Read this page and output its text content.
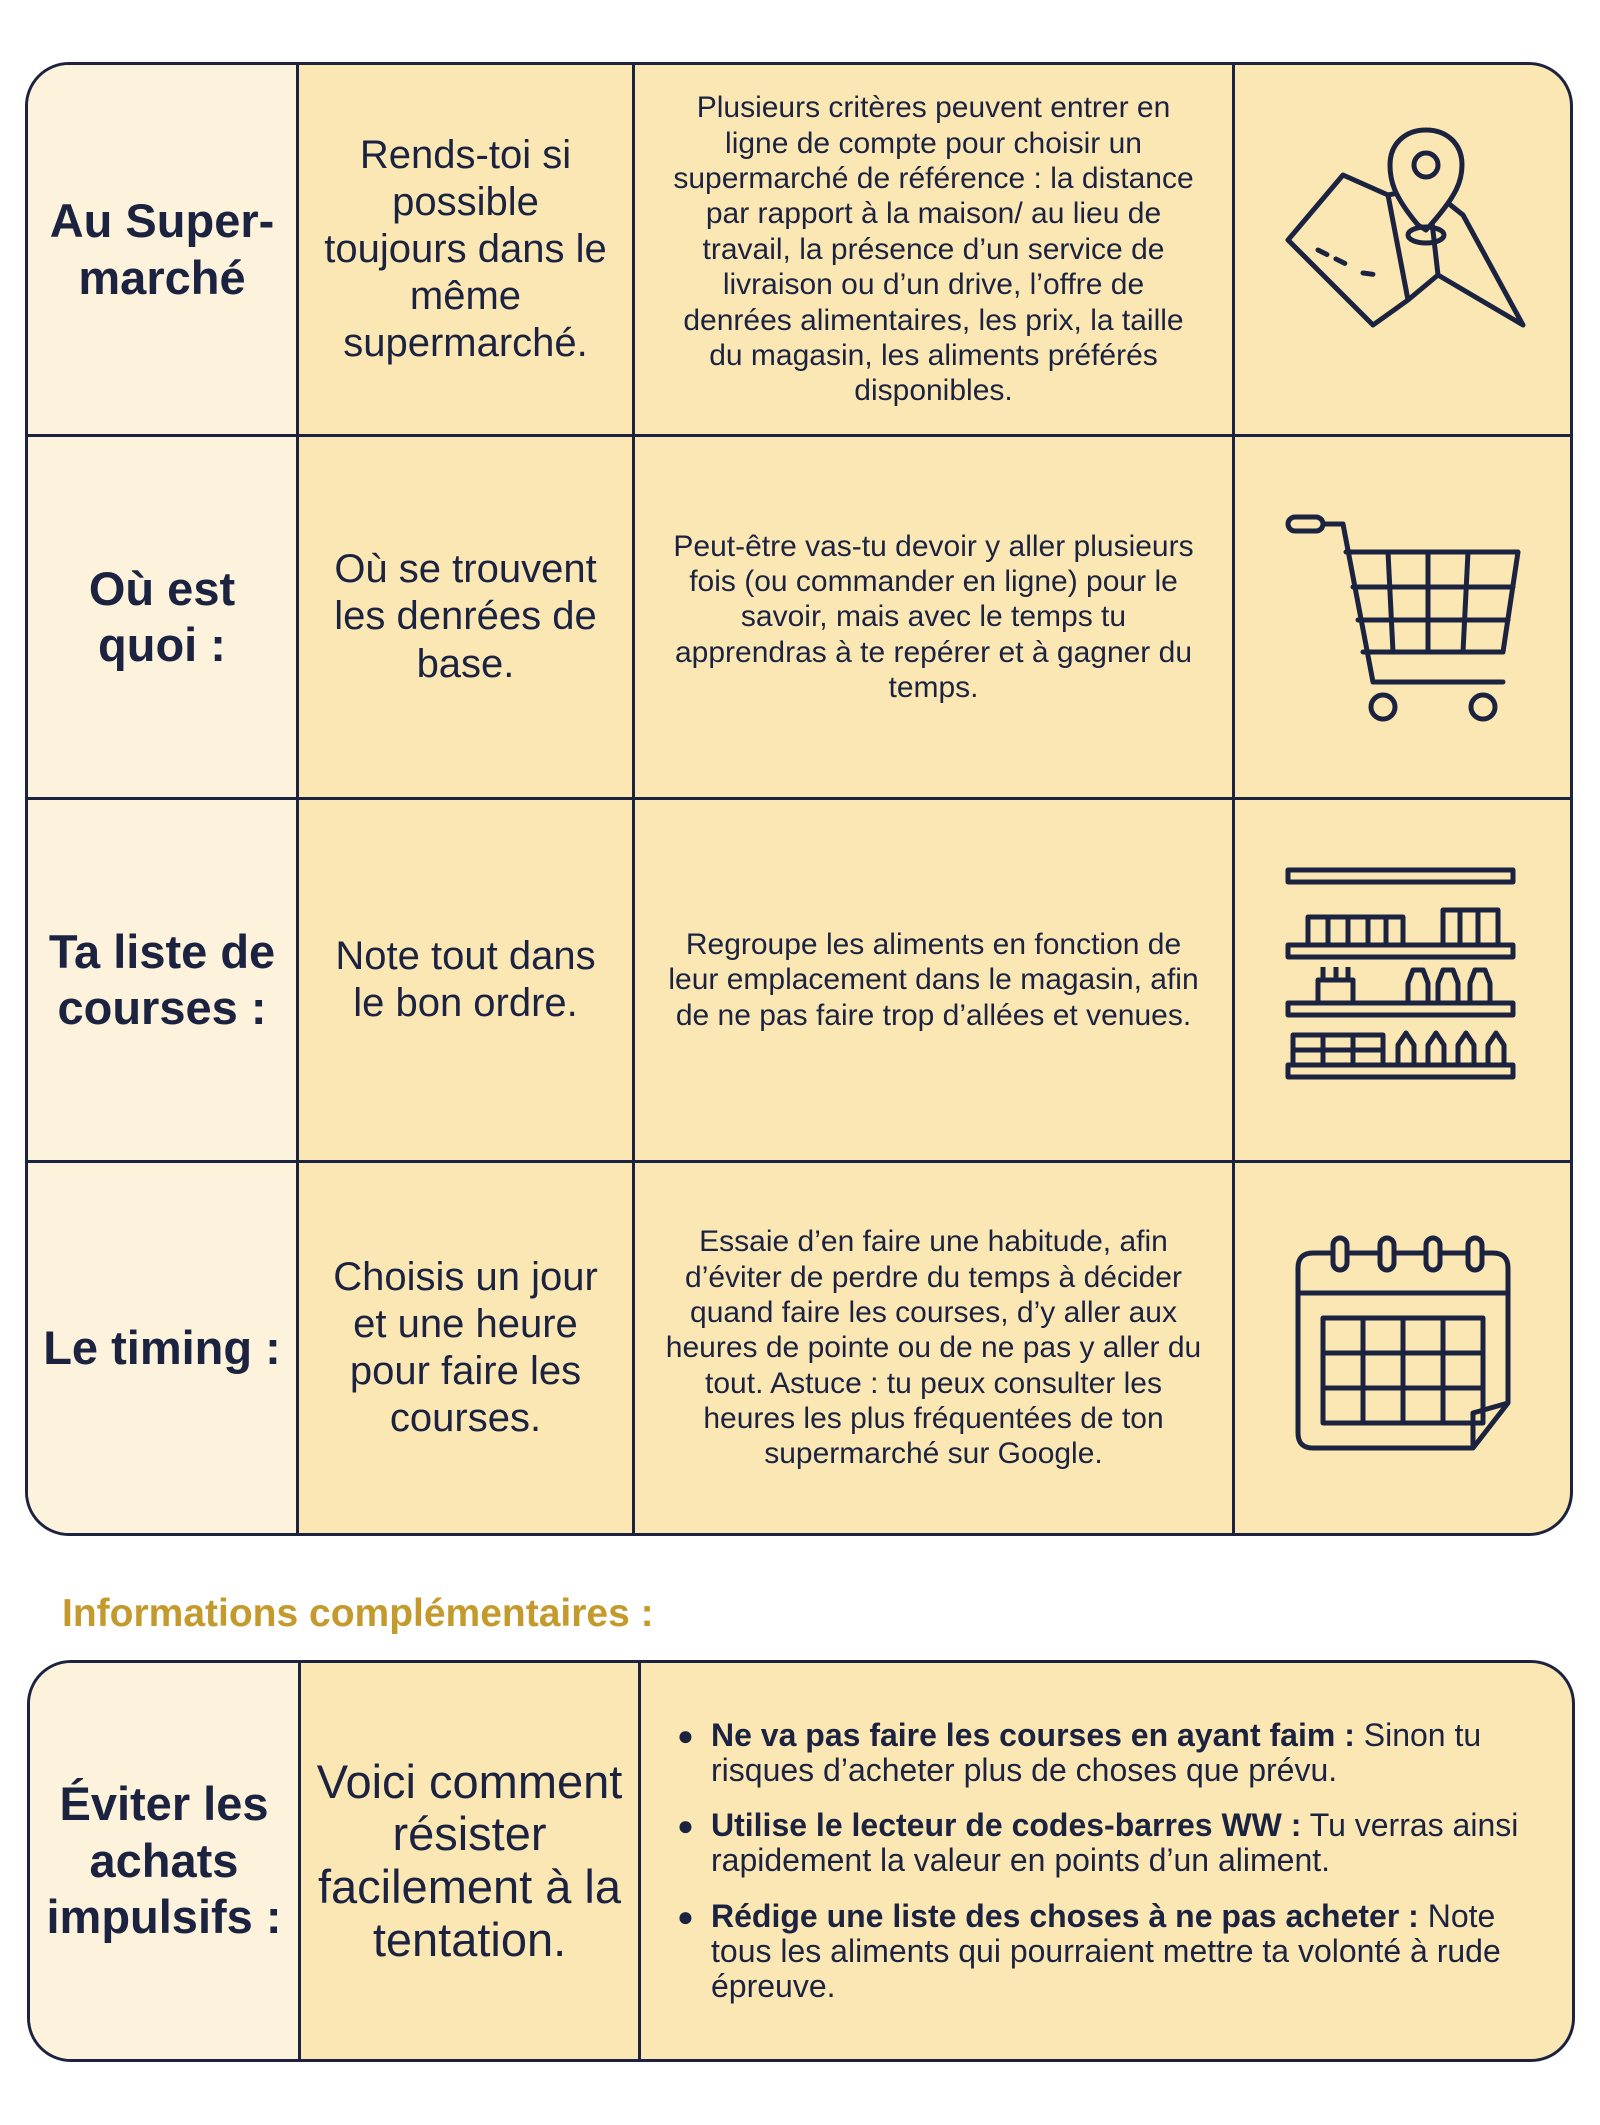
Au Super-
marché
Rends-toi si possible toujours dans le même supermarché.
Plusieurs critères peuvent entrer en ligne de compte pour choisir un supermarché de référence : la distance par rapport à la maison/ au lieu de travail, la présence d’un service de livraison ou d’un drive, l’offre de denrées alimentaires, les prix, la taille du magasin, les aliments préférés disponibles.
Où est quoi :
Où se trouvent les denrées de base.
Peut-être vas-tu devoir y aller plusieurs fois (ou commander en ligne) pour le savoir, mais avec le temps tu apprendras à te repérer et à gagner du temps.
Ta liste de courses :
Note tout dans le bon ordre.
Regroupe les aliments en fonction de leur emplacement dans le magasin, afin de ne pas faire trop d’allées et venues.
Le timing :
Choisis un jour et une heure pour faire les courses.
Essaie d’en faire une habitude, afin d’éviter de perdre du temps à décider quand faire les courses, d’y aller aux heures de pointe ou de ne pas y aller du tout. Astuce : tu peux consulter les heures les plus fréquentées de ton supermarché sur Google.
Informations complémentaires :
Éviter les achats impulsifs :
Voici comment résister facilement à la tentation.
● Ne va pas faire les courses en ayant faim : Sinon tu risques d’acheter plus de choses que prévu.
● Utilise le lecteur de codes-barres WW : Tu verras ainsi rapidement la valeur en points d’un aliment.
● Rédige une liste des choses à ne pas acheter : Note tous les aliments qui pourraient mettre ta volonté à rude épreuve.
